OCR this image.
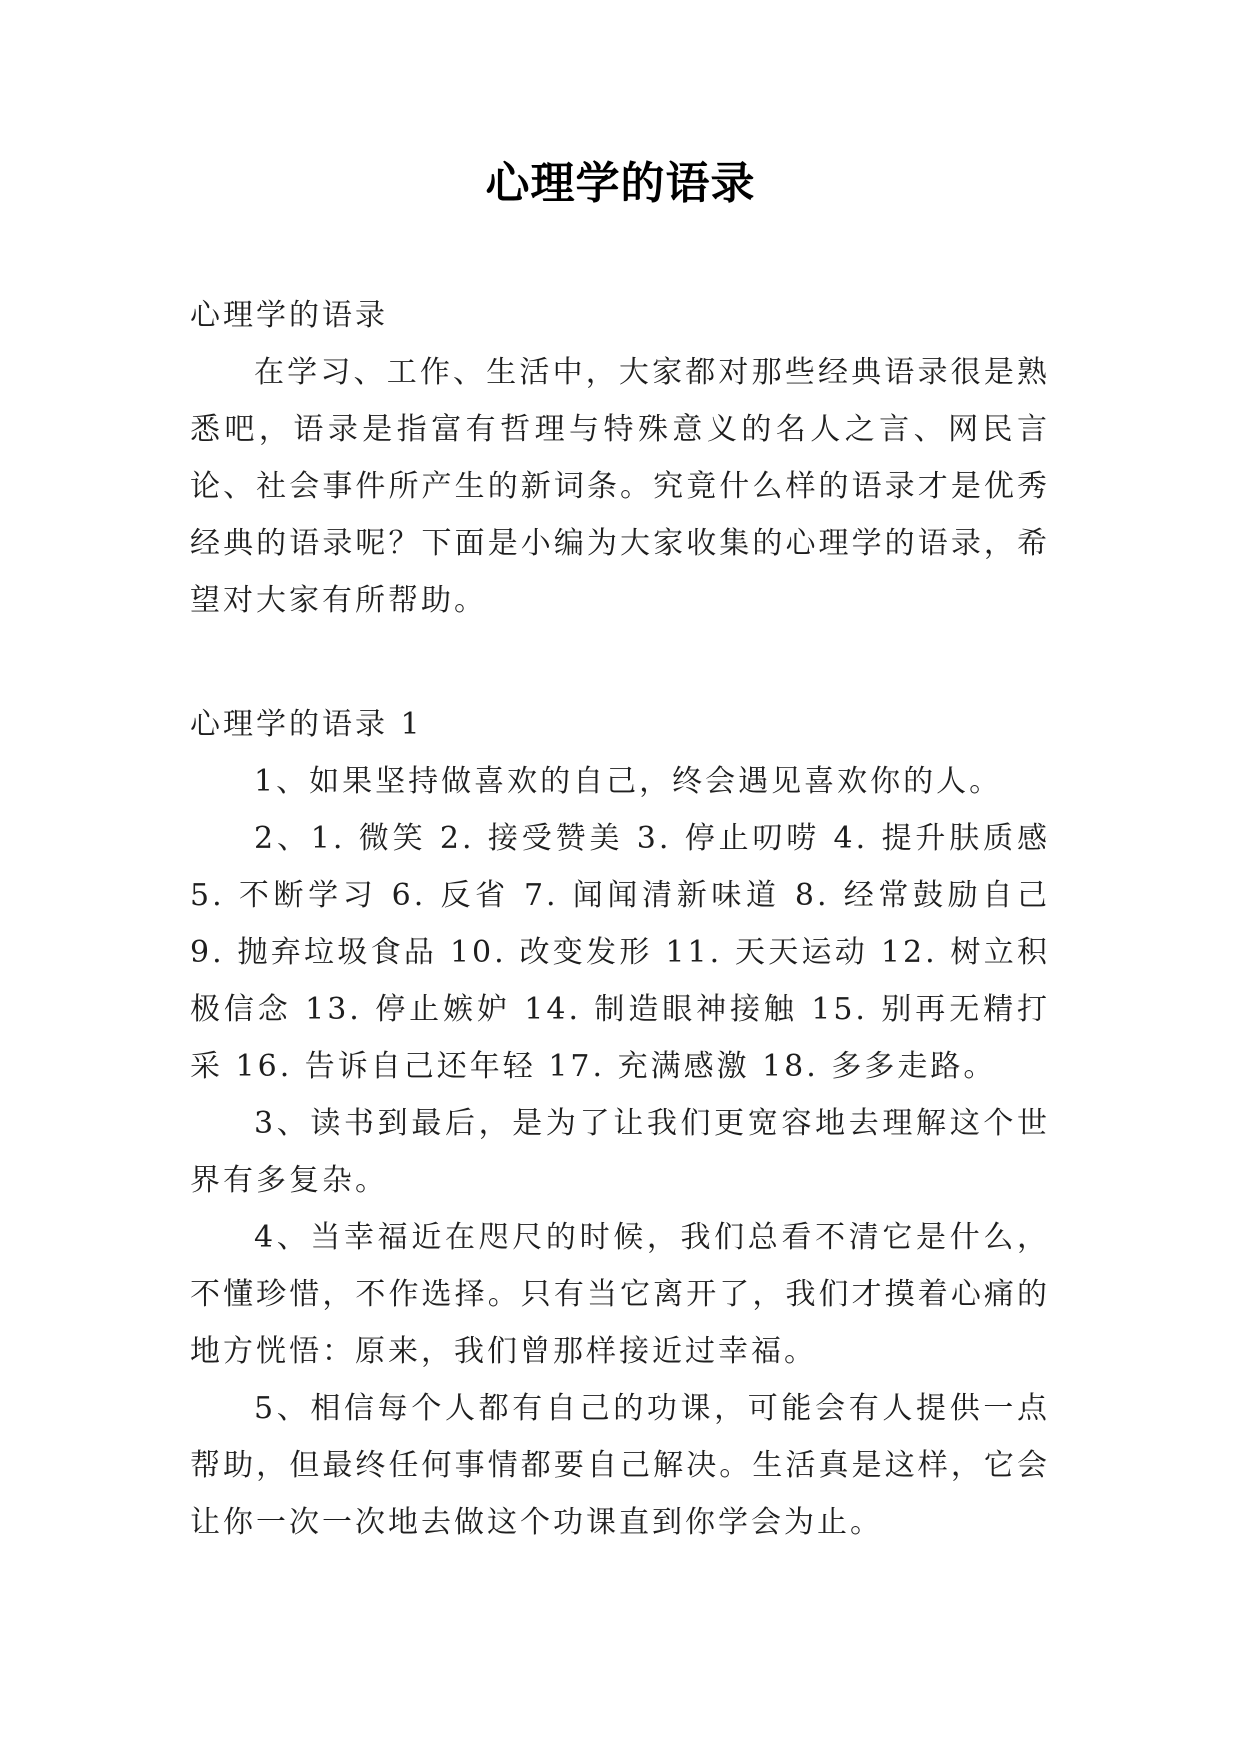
心理学的语录

心理学的语录

在学习、工作、生活中，大家都对那些经典语录很是熟悉吧，语录是指富有哲理与特殊意义的名人之言、网民言论、社会事件所产生的新词条。究竟什么样的语录才是优秀经典的语录呢？下面是小编为大家收集的心理学的语录，希望对大家有所帮助。

心理学的语录 1

1、如果坚持做喜欢的自己，终会遇见喜欢你的人。

2、1. 微笑 2. 接受赞美 3. 停止叨唠 4. 提升肤质感 5. 不断学习 6. 反省 7. 闻闻清新味道 8. 经常鼓励自己 9. 抛弃垃圾食品 10. 改变发形 11. 天天运动 12. 树立积极信念 13. 停止嫉妒 14. 制造眼神接触 15. 别再无精打采 16. 告诉自己还年轻 17. 充满感激 18. 多多走路。

3、读书到最后，是为了让我们更宽容地去理解这个世界有多复杂。

4、当幸福近在咫尺的时候，我们总看不清它是什么，不懂珍惜，不作选择。只有当它离开了，我们才摸着心痛的地方恍悟：原来，我们曾那样接近过幸福。

5、相信每个人都有自己的功课，可能会有人提供一点帮助，但最终任何事情都要自己解决。生活真是这样，它会让你一次一次地去做这个功课直到你学会为止。
